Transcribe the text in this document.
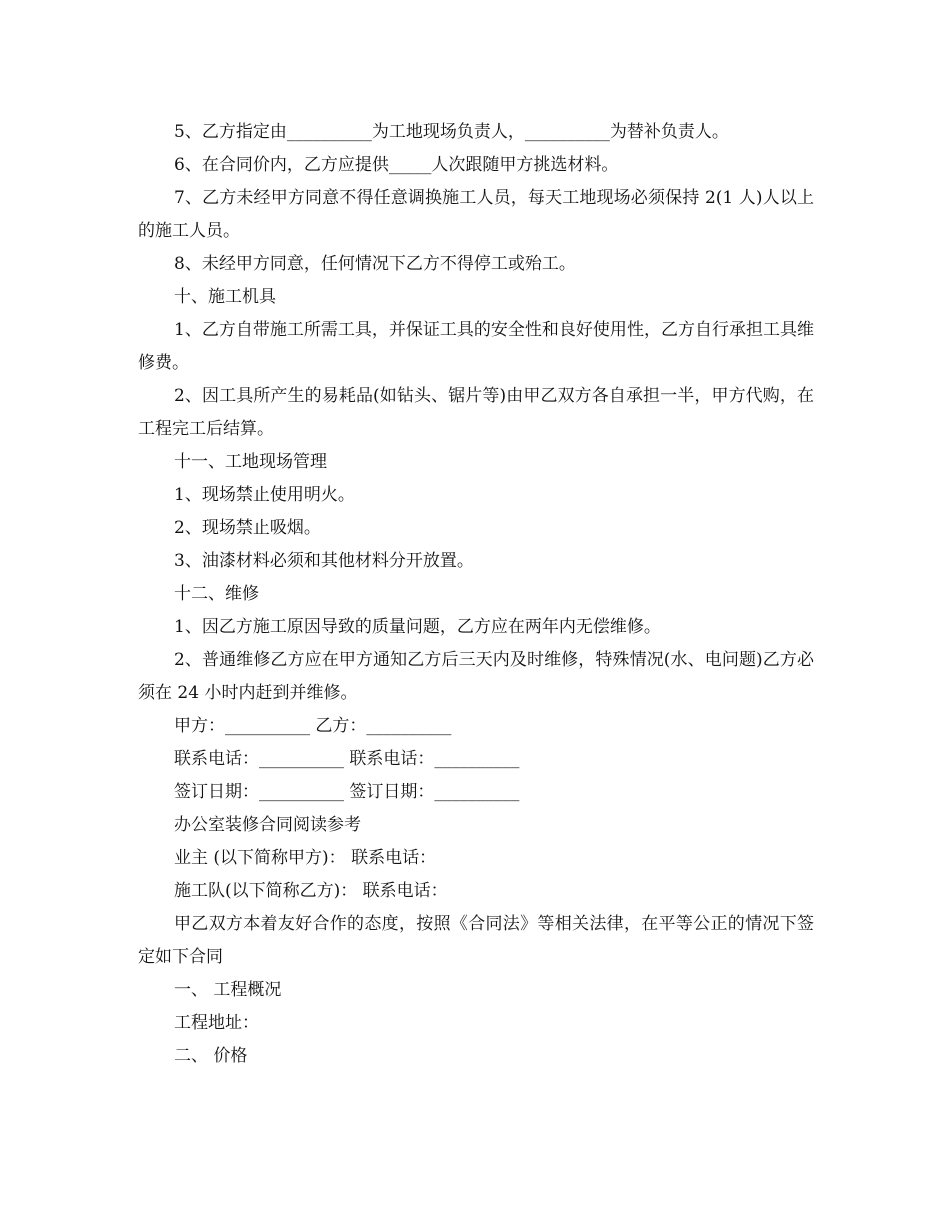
5、乙方指定由__________为工地现场负责人，__________为替补负责人。

6、在合同价内，乙方应提供_____人次跟随甲方挑选材料。

7、乙方未经甲方同意不得任意调换施工人员，每天工地现场必须保持 2(1 人)人以上的施工人员。

8、未经甲方同意，任何情况下乙方不得停工或殆工。

十、施工机具

1、乙方自带施工所需工具，并保证工具的安全性和良好使用性，乙方自行承担工具维修费。

2、因工具所产生的易耗品(如钻头、锯片等)由甲乙双方各自承担一半，甲方代购，在工程完工后结算。

十一、工地现场管理

1、现场禁止使用明火。

2、现场禁止吸烟。

3、油漆材料必须和其他材料分开放置。

十二、维修

1、因乙方施工原因导致的质量问题，乙方应在两年内无偿维修。

2、普通维修乙方应在甲方通知乙方后三天内及时维修，特殊情况(水、电问题)乙方必须在 24 小时内赶到并维修。

甲方：__________ 乙方：__________

联系电话：__________ 联系电话：__________

签订日期：__________ 签订日期：__________

办公室装修合同阅读参考

业主 (以下简称甲方)： 联系电话：

施工队(以下简称乙方)： 联系电话：

甲乙双方本着友好合作的态度，按照《合同法》等相关法律，在平等公正的情况下签定如下合同

一、 工程概况

工程地址：

二、 价格
